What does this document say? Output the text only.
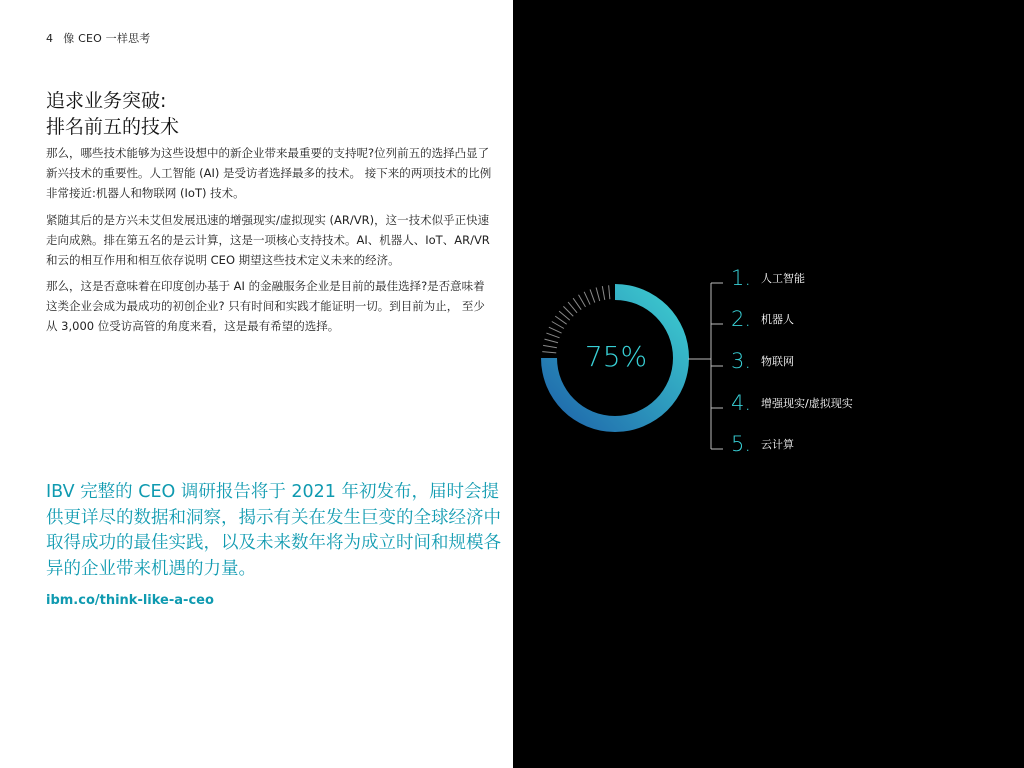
4 像 CEO 一样思考
追求业务突破:
排名前五的技术

那么，哪些技术能够为这些设想中的新企业带来最重要的支持呢?位列前五的选择凸显了新兴技术的重要性。人工智能 (AI) 是受访者选择最多的技术。 接下来的两项技术的比例非常接近:机器人和物联网 (IoT) 技术。

紧随其后的是方兴未艾但发展迅速的增强现实/虚拟现实 (AR/VR)，这一技术似乎正快速走向成熟。排在第五名的是云计算，这是一项核心支持技术。AI、机器人、IoT、AR/VR 和云的相互作用和相互依存说明 CEO 期望这些技术定义未来的经济。

那么，这是否意味着在印度创办基于 AI 的金融服务企业是目前的最佳选择?是否意味着这类企业会成为最成功的初创企业? 只有时间和实践才能证明一切。到目前为止， 至少从 3,000 位受访高管的角度来看，这是最有希望的选择。

IBV 完整的 CEO 调研报告将于 2021 年初发布，届时会提供更详尽的数据和洞察，揭示有关在发生巨变的全球经济中取得成功的最佳实践，以及未来数年将为成立时间和规模各异的企业带来机遇的力量。

ibm.co/think-like-a-ceo
75%
1. 人工智能
2. 机器人
3. 物联网
4. 增强现实/虚拟现实
5. 云计算
